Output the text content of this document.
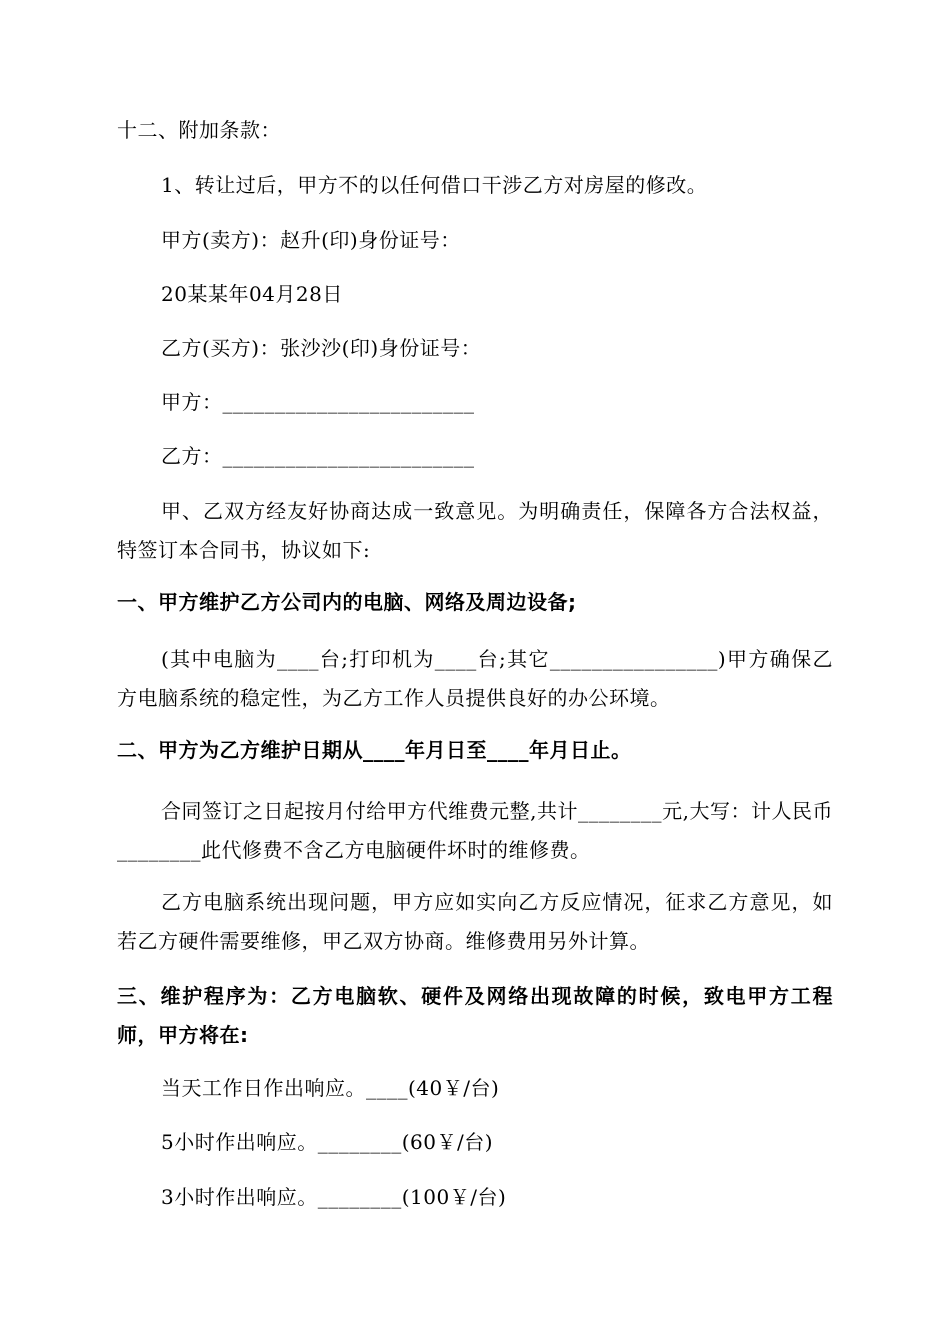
十二、附加条款：
1、转让过后，甲方不的以任何借口干涉乙方对房屋的修改。
甲方(卖方)：赵升(印)身份证号：
20某某年04月28日
乙方(买方)：张沙沙(印)身份证号：
甲方：________________________
乙方：________________________
甲、乙双方经友好协商达成一致意见。为明确责任，保障各方合法权益，特签订本合同书，协议如下:
一、甲方维护乙方公司内的电脑、网络及周边设备;
(其中电脑为____台;打印机为____台;其它________________)甲方确保乙方电脑系统的稳定性，为乙方工作人员提供良好的办公环境。
二、甲方为乙方维护日期从____年月日至____年月日止。
合同签订之日起按月付给甲方代维费元整,共计________元,大写：计人民币________此代修费不含乙方电脑硬件坏时的维修费。
乙方电脑系统出现问题，甲方应如实向乙方反应情况，征求乙方意见，如若乙方硬件需要维修，甲乙双方协商。维修费用另外计算。
三、维护程序为：乙方电脑软、硬件及网络出现故障的时候，致电甲方工程师，甲方将在:
当天工作日作出响应。____(40￥/台)
5小时作出响应。________(60￥/台)
3小时作出响应。________(100￥/台)
